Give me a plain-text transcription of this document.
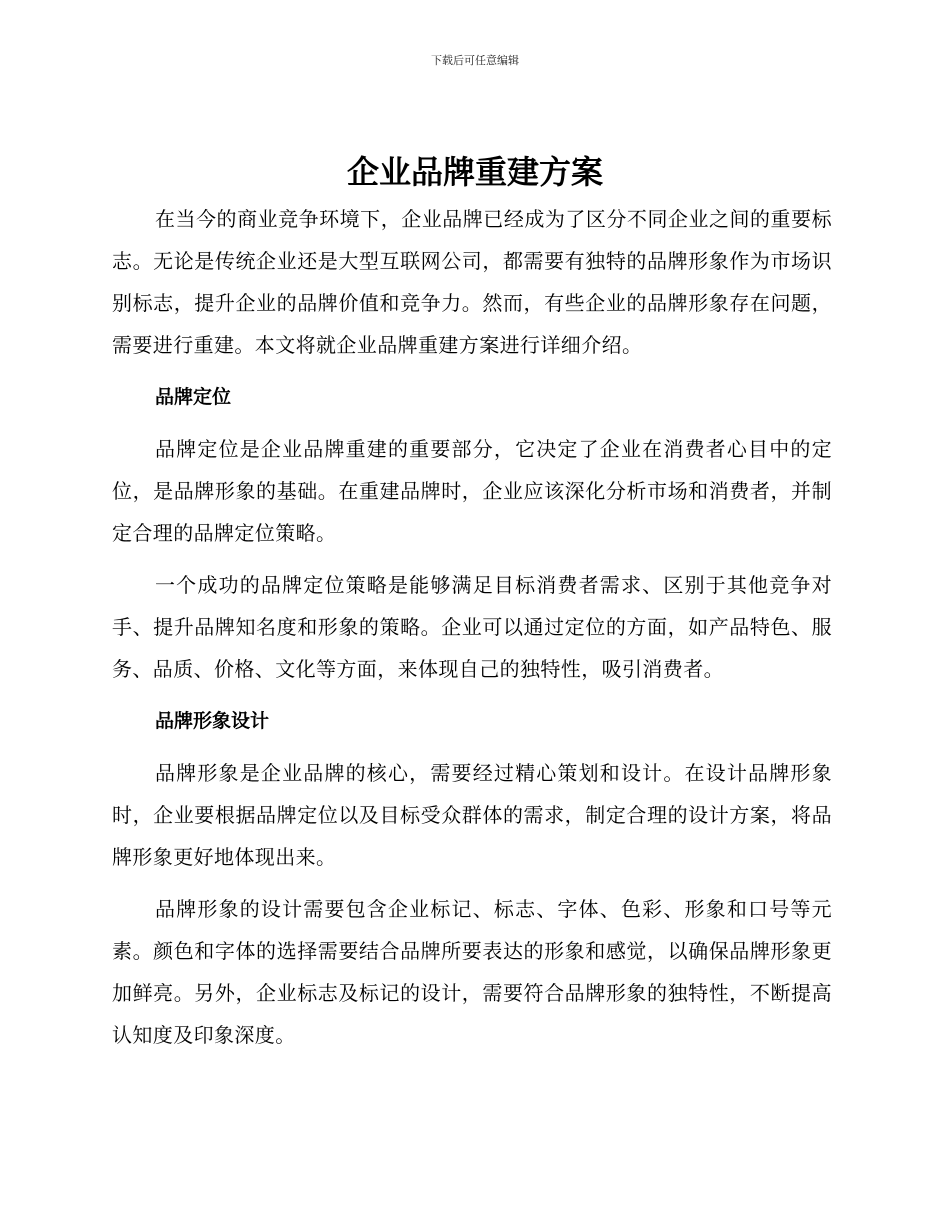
下载后可任意编辑
企业品牌重建方案

在当今的商业竞争环境下，企业品牌已经成为了区分不同企业之间的重要标志。无论是传统企业还是大型互联网公司，都需要有独特的品牌形象作为市场识别标志，提升企业的品牌价值和竞争力。然而，有些企业的品牌形象存在问题，需要进行重建。本文将就企业品牌重建方案进行详细介绍。

品牌定位

品牌定位是企业品牌重建的重要部分，它决定了企业在消费者心目中的定位，是品牌形象的基础。在重建品牌时，企业应该深化分析市场和消费者，并制定合理的品牌定位策略。

一个成功的品牌定位策略是能够满足目标消费者需求、区别于其他竞争对手、提升品牌知名度和形象的策略。企业可以通过定位的方面，如产品特色、服务、品质、价格、文化等方面，来体现自己的独特性，吸引消费者。

品牌形象设计

品牌形象是企业品牌的核心，需要经过精心策划和设计。在设计品牌形象时，企业要根据品牌定位以及目标受众群体的需求，制定合理的设计方案，将品牌形象更好地体现出来。

品牌形象的设计需要包含企业标记、标志、字体、色彩、形象和口号等元素。颜色和字体的选择需要结合品牌所要表达的形象和感觉，以确保品牌形象更加鲜亮。另外，企业标志及标记的设计，需要符合品牌形象的独特性，不断提高认知度及印象深度。
